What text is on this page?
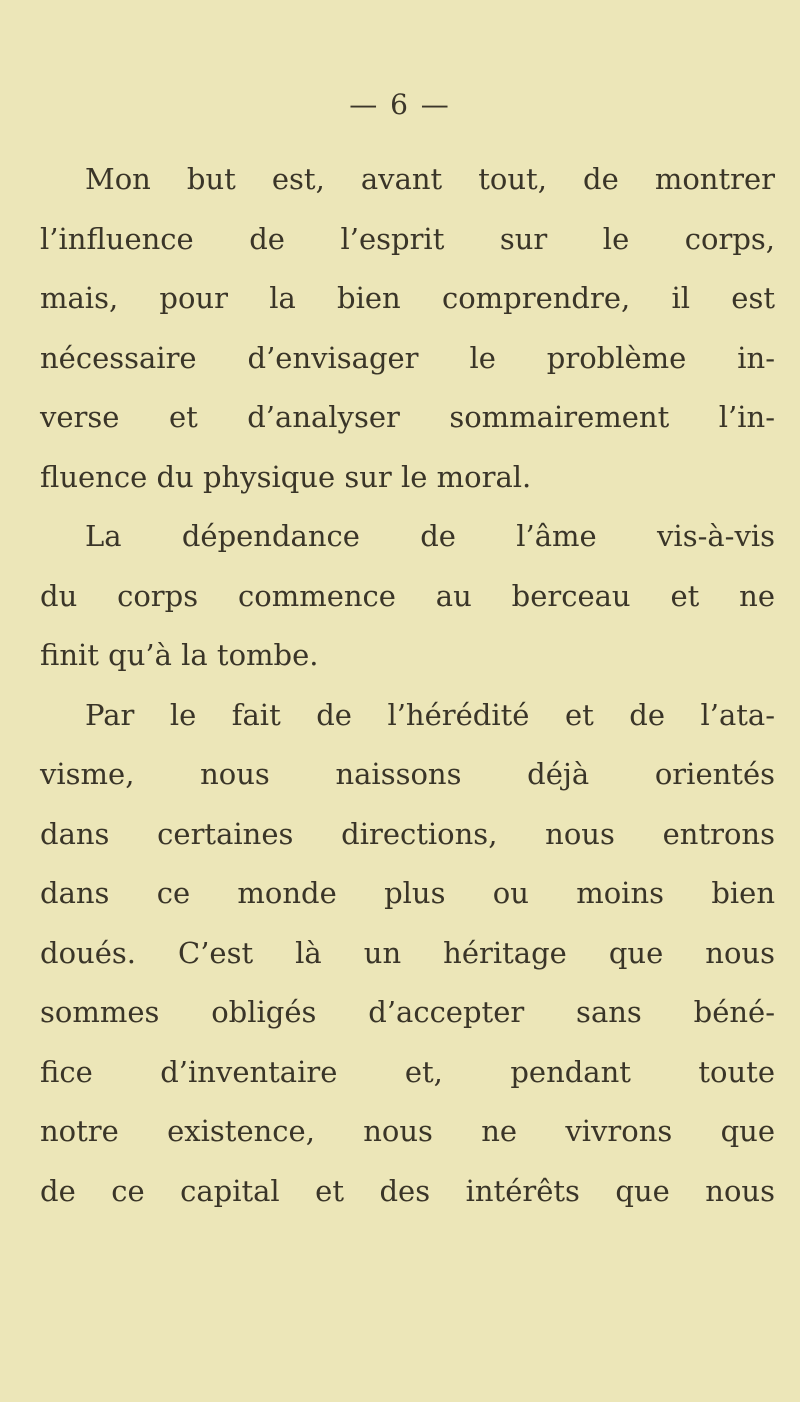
— 6 —
Mon but est, avant tout, de montrer
l’influence de l’esprit sur le corps,
mais, pour la bien comprendre, il est
nécessaire d’envisager le problème in-
verse et d’analyser sommairement l’in-
fluence du physique sur le moral.
La dépendance de l’âme vis-à-vis
du corps commence au berceau et ne
finit qu’à la tombe.
Par le fait de l’hérédité et de l’ata-
visme, nous naissons déjà orientés
dans certaines directions, nous entrons
dans ce monde plus ou moins bien
doués. C’est là un héritage que nous
sommes obligés d’accepter sans béné-
fice d’inventaire et, pendant toute
notre existence, nous ne vivrons que
de ce capital et des intérêts que nous
